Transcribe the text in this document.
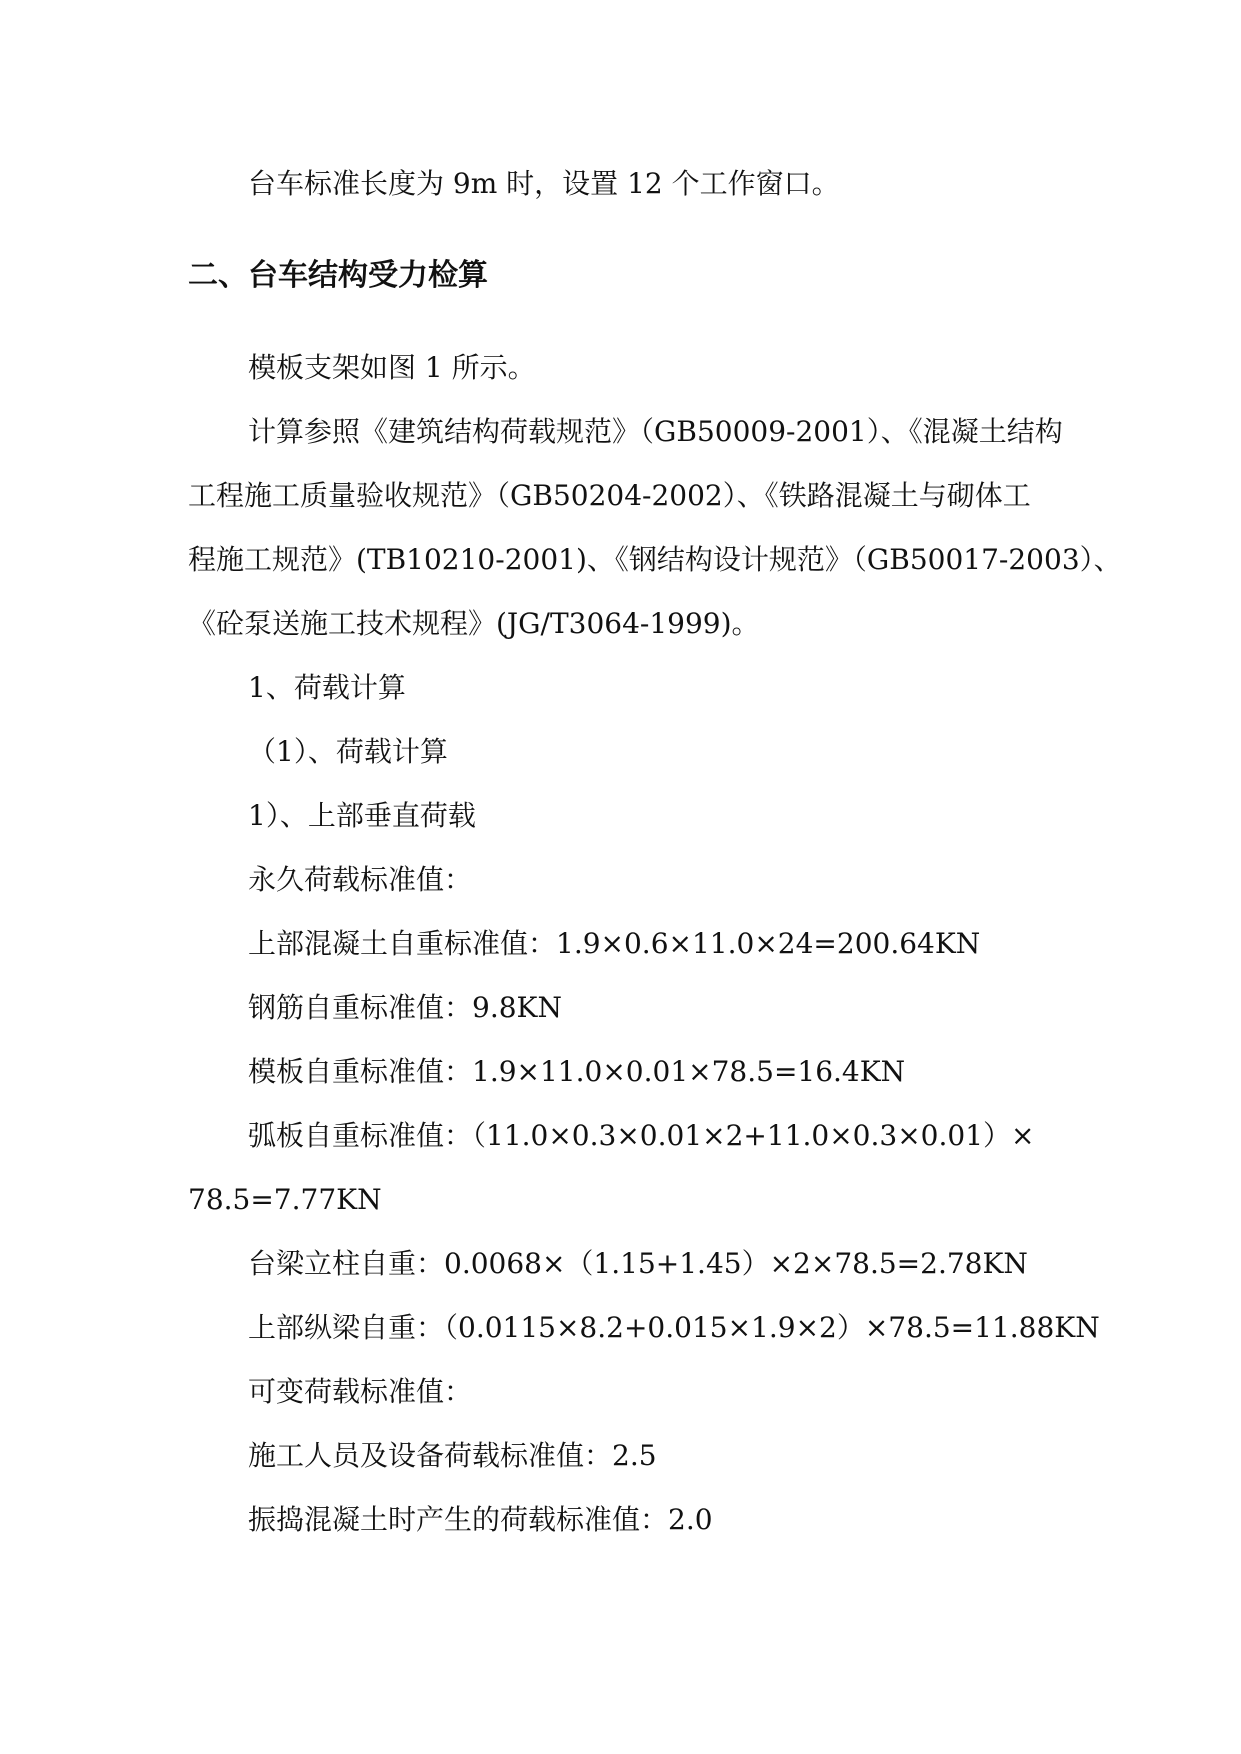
台车标准长度为 9m 时，设置 12 个工作窗口。
二、台车结构受力检算
模板支架如图 1 所示。
计算参照《建筑结构荷载规范》（GB50009-2001）、《混凝土结构
工程施工质量验收规范》（GB50204-2002）、《铁路混凝土与砌体工
程施工规范》(TB10210-2001)、《钢结构设计规范》（GB50017-2003）、
《砼泵送施工技术规程》(JG/T3064-1999)。
1、荷载计算
（1）、荷载计算
1）、上部垂直荷载
永久荷载标准值：
上部混凝土自重标准值：1.9×0.6×11.0×24=200.64KN
钢筋自重标准值：9.8KN
模板自重标准值：1.9×11.0×0.01×78.5=16.4KN
弧板自重标准值：（11.0×0.3×0.01×2+11.0×0.3×0.01）×
78.5=7.77KN
台梁立柱自重：0.0068×（1.15+1.45）×2×78.5=2.78KN
上部纵梁自重：（0.0115×8.2+0.015×1.9×2）×78.5=11.88KN
可变荷载标准值：
施工人员及设备荷载标准值：2.5
振捣混凝土时产生的荷载标准值：2.0
